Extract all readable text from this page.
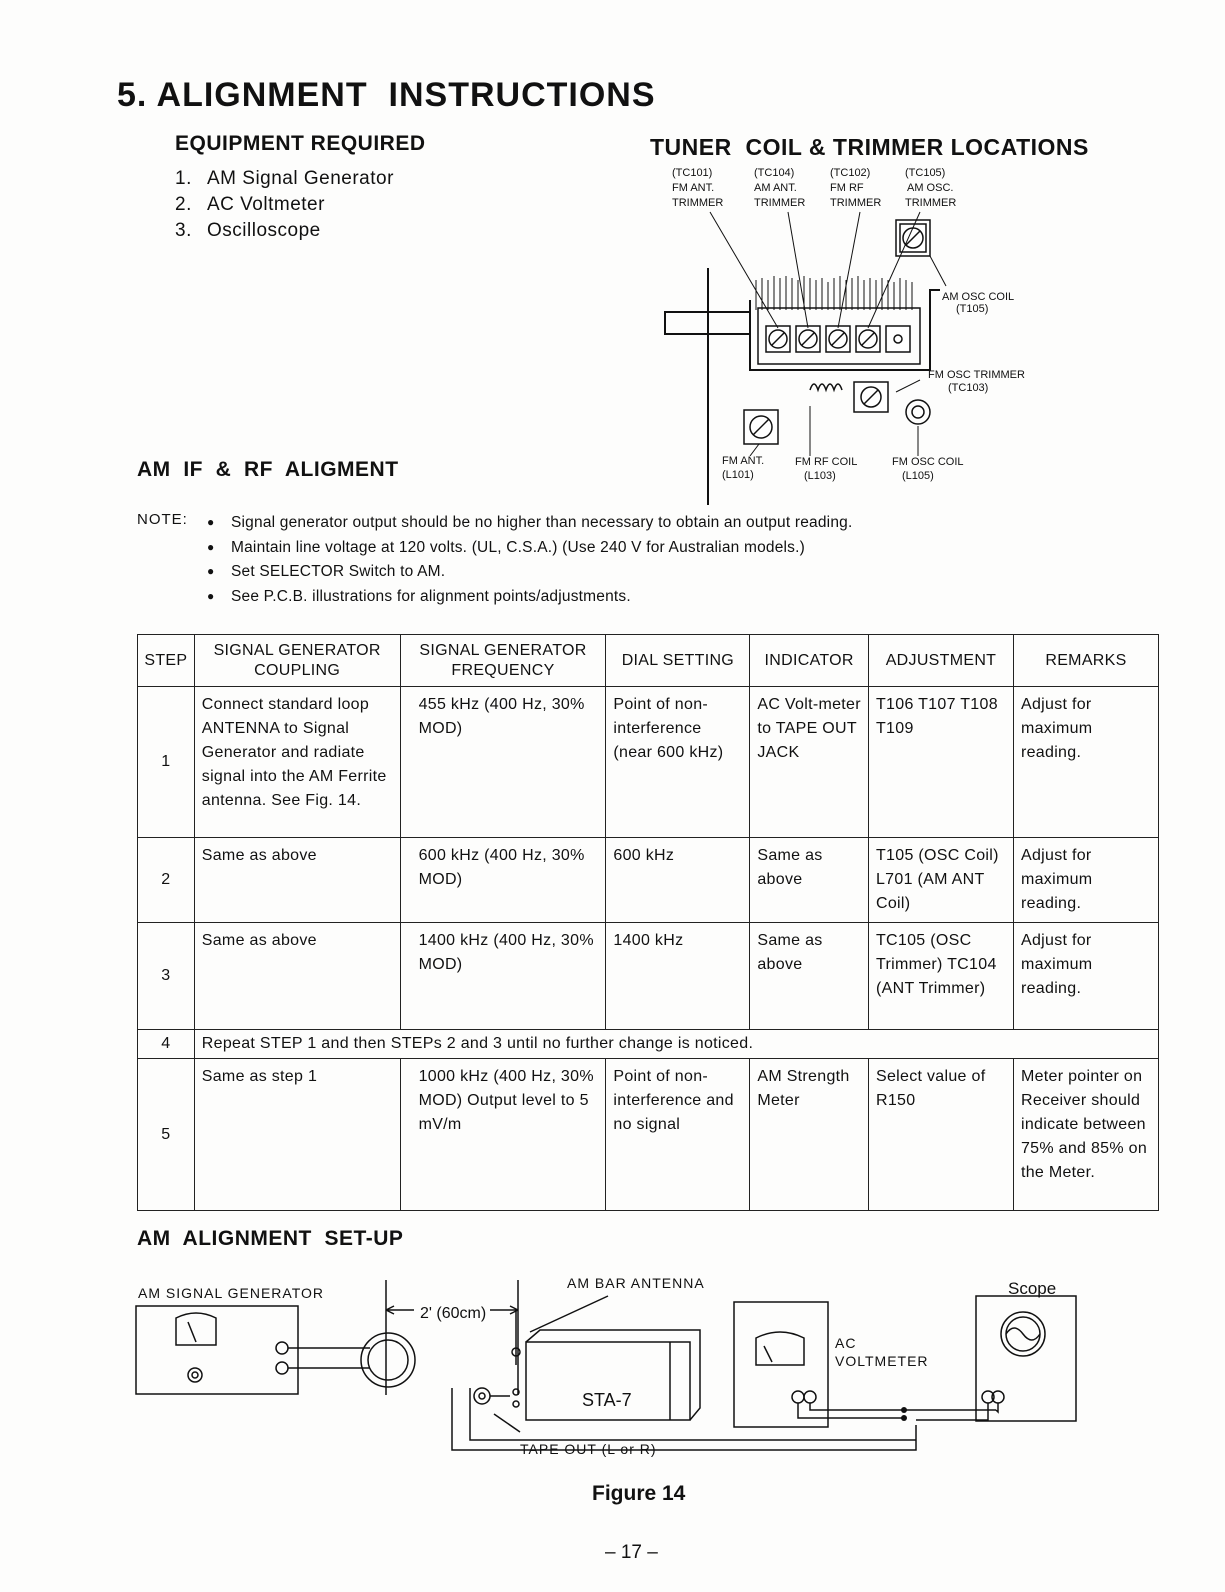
5. ALIGNMENT  INSTRUCTIONS
EQUIPMENT REQUIRED
1. AM Signal Generator
2. AC Voltmeter
3. Oscilloscope
TUNER  COIL & TRIMMER LOCATIONS
(TC101)
FM ANT.
TRIMMER
(TC104)
AM ANT.
TRIMMER
(TC102)
FM RF
TRIMMER
(TC105)
AM OSC.
TRIMMER
AM OSC COIL
(T105)
FM OSC TRIMMER
(TC103)
FM ANT.
(L101)
FM RF COIL
(L103)
FM OSC COIL
(L105)
AM  IF  &  RF  ALIGMENT
NOTE:	● Signal generator output should be no higher than necessary to obtain an output reading.
● Maintain line voltage at 120 volts. (UL, C.S.A.) (Use 240 V for Australian models.)
● Set SELECTOR Switch to AM.
● See P.C.B. illustrations for alignment points/adjustments.
STEP	SIGNAL GENERATOR COUPLING	SIGNAL GENERATOR FREQUENCY	DIAL SETTING	INDICATOR	ADJUSTMENT	REMARKS
1	Connect standard loop ANTENNA to Signal Generator and radiate signal into the AM Ferrite antenna. See Fig. 14.	455 kHz (400 Hz, 30% MOD)	Point of non-interference (near 600 kHz)	AC Volt-meter to TAPE OUT JACK	T106 T107 T108 T109	Adjust for maximum reading.
2	Same as above	600 kHz (400 Hz, 30% MOD)	600 kHz	Same as above	T105 (OSC Coil) L701 (AM ANT Coil)	Adjust for maximum reading.
3	Same as above	1400 kHz (400 Hz, 30% MOD)	1400 kHz	Same as above	TC105 (OSC Trimmer) TC104 (ANT Trimmer)	Adjust for maximum reading.
4	Repeat STEP 1 and then STEPs 2 and 3 until no further change is noticed.					
5	Same as step 1	1000 kHz (400 Hz, 30% MOD) Output level to 5 mV/m	Point of non-interference and no signal	AM Strength Meter	Select value of R150	Meter pointer on Receiver should indicate between 75% and 85% on the Meter.
AM  ALIGNMENT  SET-UP
AM SIGNAL GENERATOR
2' (60cm)
AM BAR ANTENNA
STA-7
TAPE OUT (L or R)
AC
VOLTMETER
Scope
Figure 14
– 17 –
